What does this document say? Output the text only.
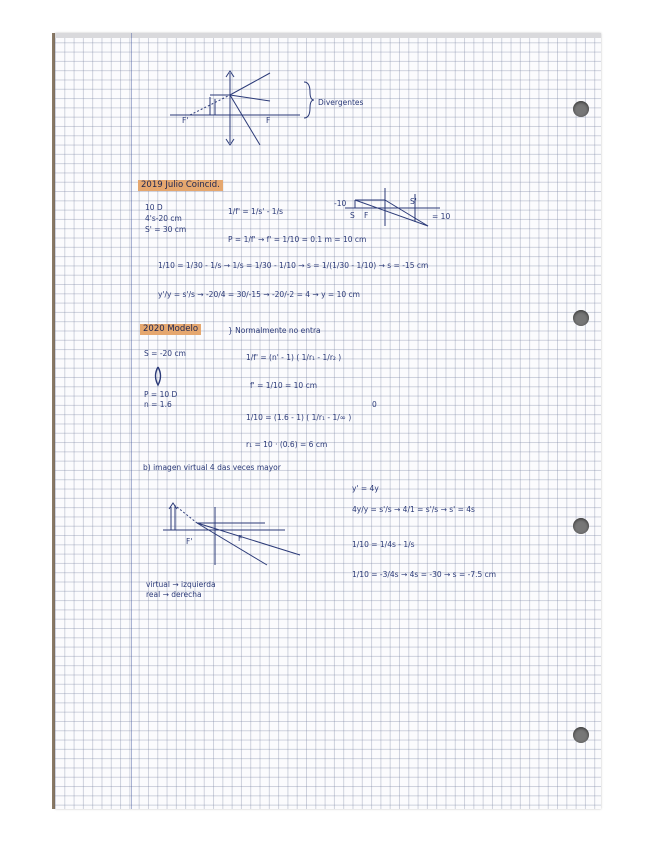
F'	F
Divergentes
2019 Julio Coincid.
10 D
4's-20 cm
S' = 30 cm
1/f' = 1/s' - 1/s
-10
S F
S'
= 10
P = 1/f' → f' = 1/10 = 0.1 m = 10 cm
1/10 = 1/30 - 1/s → 1/s = 1/30 - 1/10 → s = 1/(1/30 - 1/10) → s = -15 cm
y'/y = s'/s → -20/4 = 30/-15 → -20/-2 = 4 → y = 10 cm
2020 Modelo	} Normalmente no entra
S = -20 cm
P = 10 D
n = 1.6
1/f' = (n' - 1) ( 1/r₁ - 1/r₂ )
f' = 1/10 = 10 cm
1/10 = (1.6 - 1) ( 1/r₁ - 1/∞ )
0
r₁ = 10 · (0.6) = 6 cm
b) imagen virtual 4 das veces mayor
F'	F
virtual → izquierda
real → derecha
y' = 4y
4y/y = s'/s → 4/1 = s'/s → s' = 4s
1/10 = 1/4s - 1/s
1/10 = -3/4s → 4s = -30 → s = -7.5 cm
